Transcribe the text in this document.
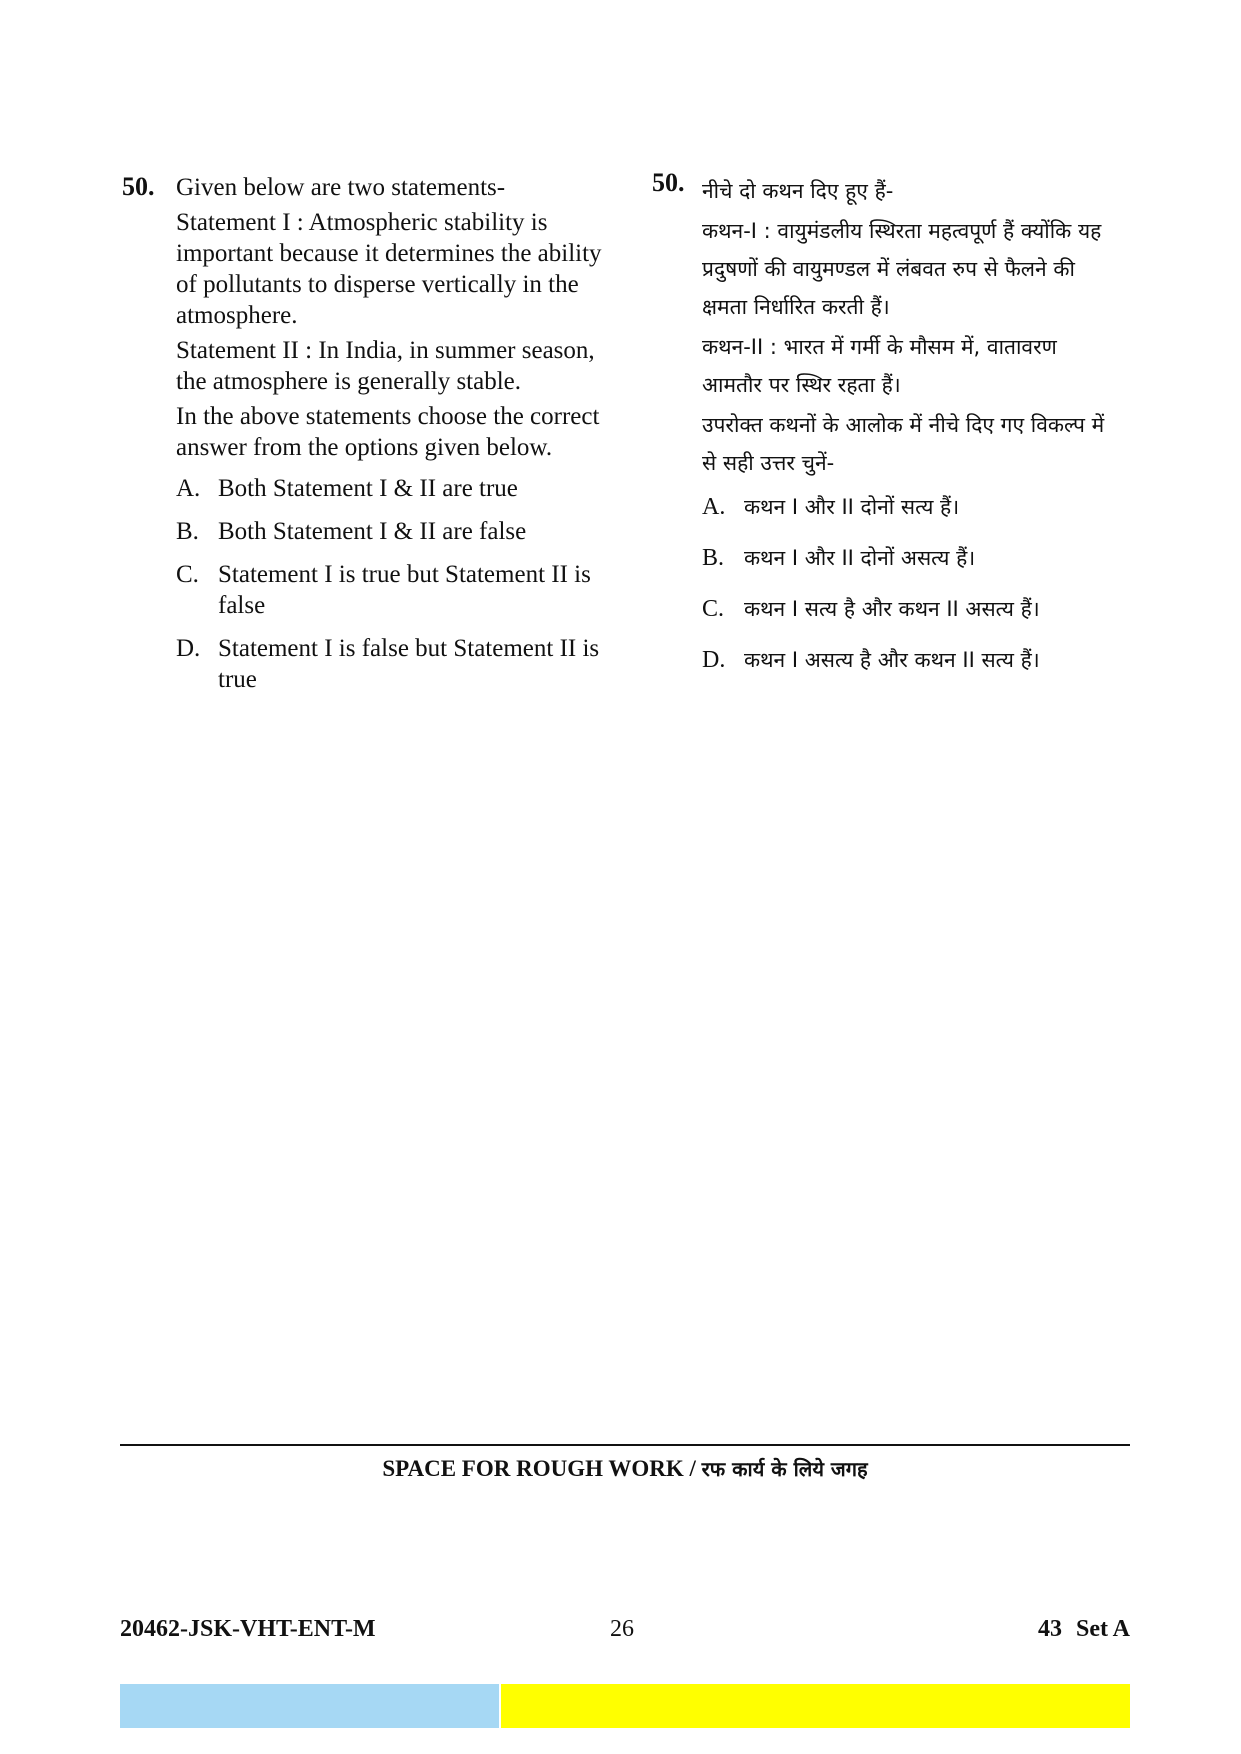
50. Given below are two statements-

Statement I : Atmospheric stability is important because it determines the ability of pollutants to disperse vertically in the atmosphere.

Statement II : In India, in summer season, the atmosphere is generally stable.

In the above statements choose the correct answer from the options given below.

A. Both Statement I & II are true
B. Both Statement I & II are false
C. Statement I is true but Statement II is false
D. Statement I is false but Statement II is true
50. नीचे दो कथन दिए हूए हैं-

कथन-I : वायुमंडलीय स्थिरता महत्वपूर्ण हैं क्योंकि यह प्रदुषणों की वायुमण्डल में लंबवत रुप से फैलने की क्षमता निर्धारित करती हैं।

कथन-II : भारत में गर्मी के मौसम में, वातावरण आमतौर पर स्थिर रहता हैं।

उपरोक्त कथनों के आलोक में नीचे दिए गए विकल्प में से सही उत्तर चुनें-

A. कथन I और II दोनों सत्य हैं।
B. कथन I और II दोनों असत्य हैं।
C. कथन I सत्य है और कथन II असत्य हैं।
D. कथन I असत्य है और कथन II सत्य हैं।
SPACE FOR ROUGH WORK / रफ कार्य के लिये जगह
20462-JSK-VHT-ENT-M	26	43 Set A
